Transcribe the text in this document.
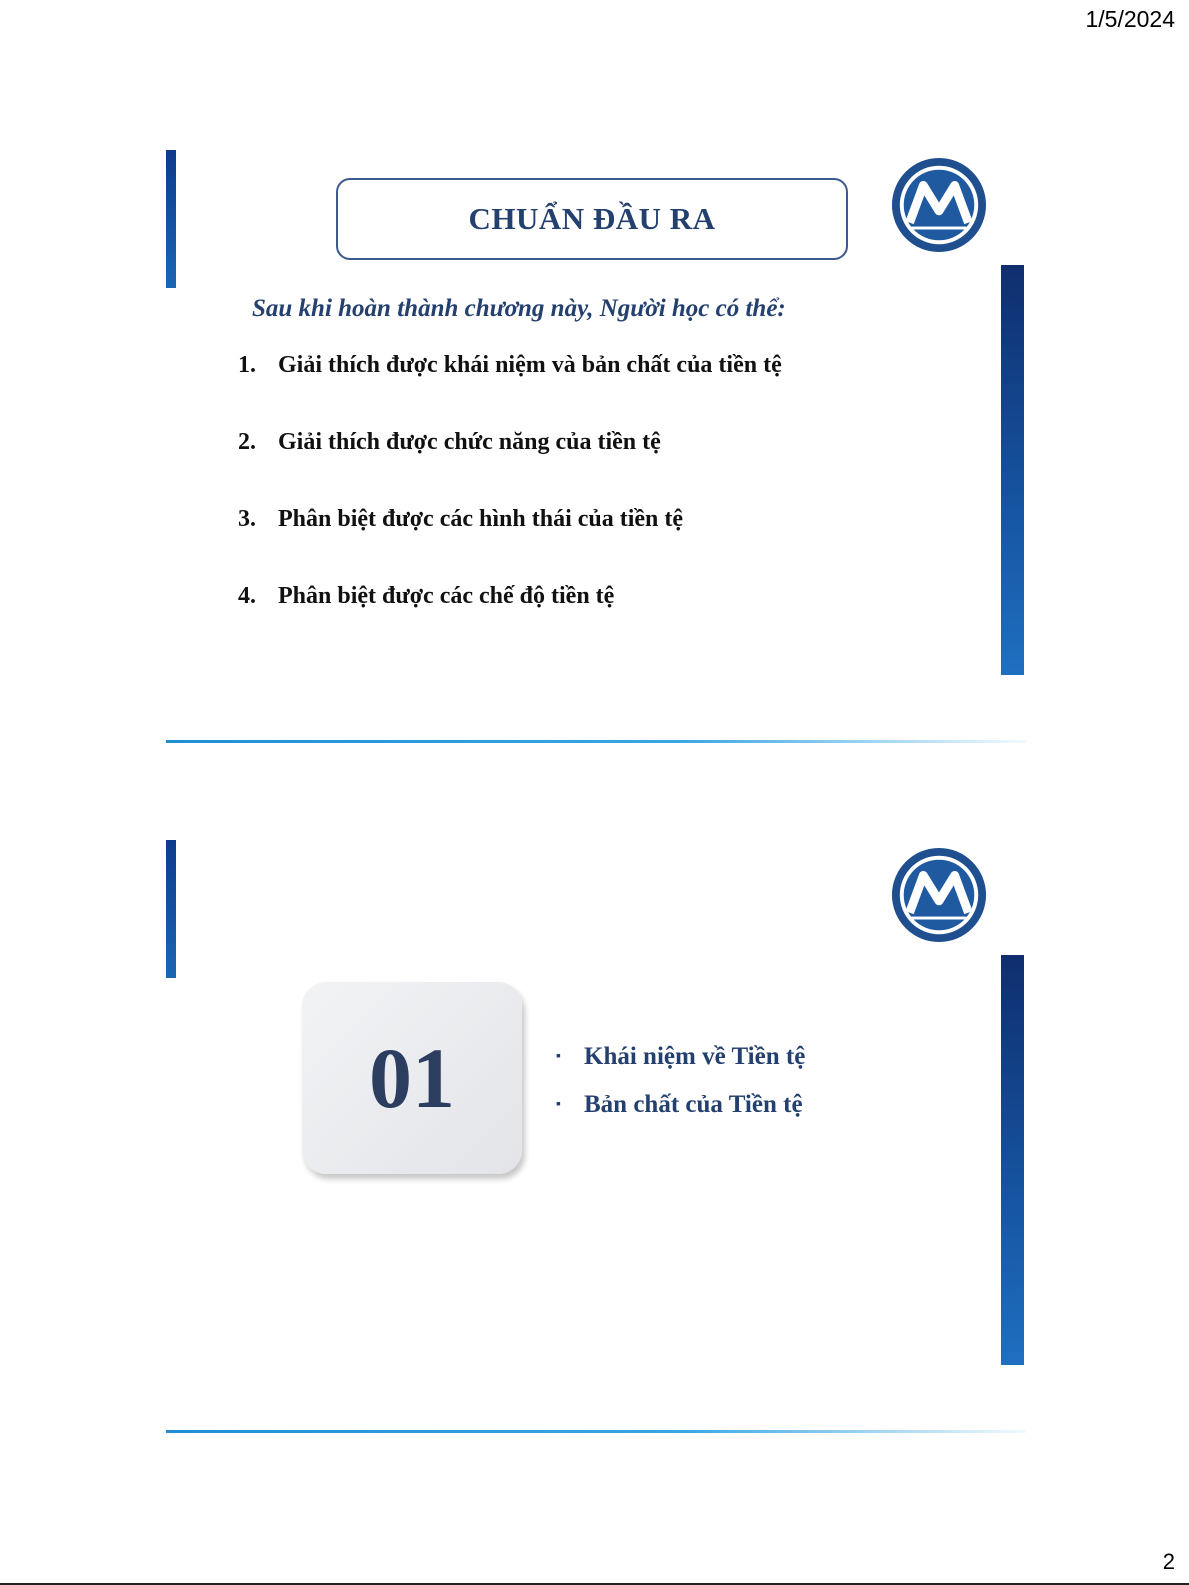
1/5/2024
CHUẨN ĐẦU RA
Sau khi hoàn thành chương này, Người học có thể:
1. Giải thích được khái niệm và bản chất của tiền tệ
2. Giải thích được chức năng của tiền tệ
3. Phân biệt được các hình thái của tiền tệ
4. Phân biệt được các chế độ tiền tệ
01	▪ Khái niệm về Tiền tệ
▪ Bản chất của Tiền tệ
2
